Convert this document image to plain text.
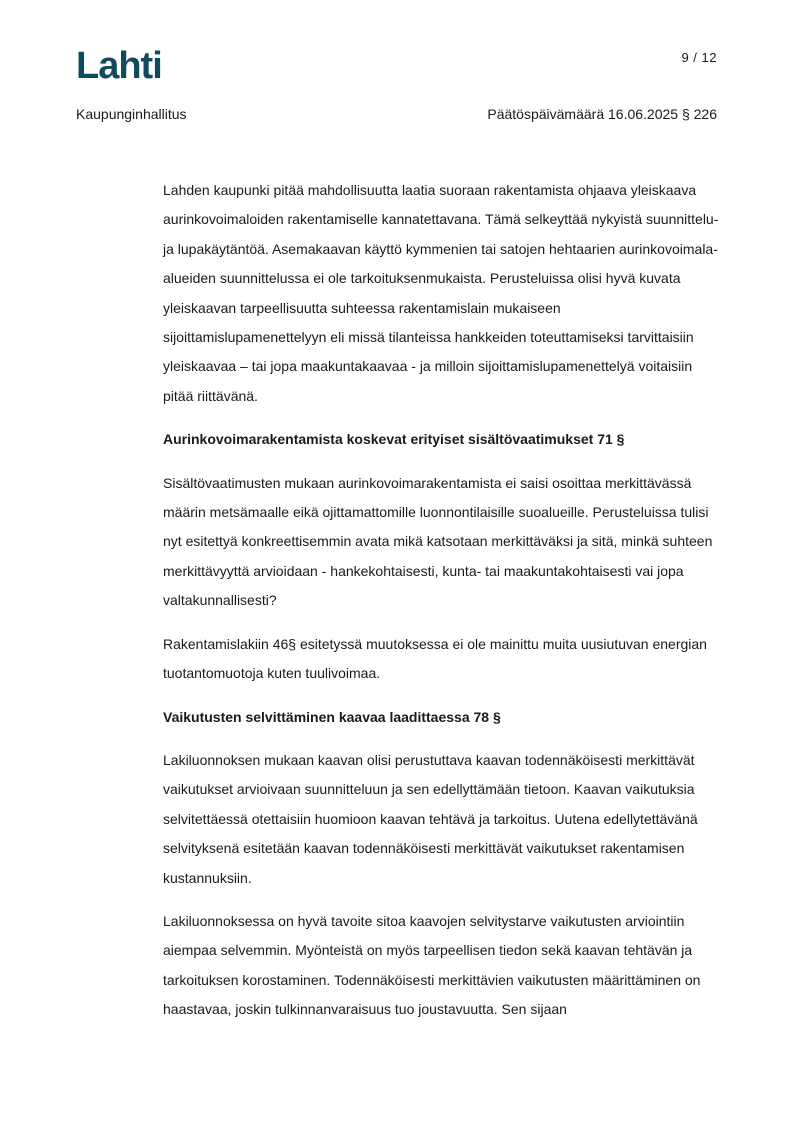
Lahti	9 / 12
Kaupunginhallitus	Päätöspäivämäärä 16.06.2025 § 226

Lahden kaupunki pitää mahdollisuutta laatia suoraan rakentamista ohjaava yleiskaava aurinkovoimaloiden rakentamiselle kannatettavana. Tämä selkeyttää nykyistä suunnittelu- ja lupakäytäntöä. Asemakaavan käyttö kymmenien tai satojen hehtaarien aurinkovoimala-alueiden suunnittelussa ei ole tarkoituksenmukaista. Perusteluissa olisi hyvä kuvata yleiskaavan tarpeellisuutta suhteessa rakentamislain mukaiseen sijoittamislupamenettelyyn eli missä tilanteissa hankkeiden toteuttamiseksi tarvittaisiin yleiskaavaa – tai jopa maakuntakaavaa - ja milloin sijoittamislupamenettelyä voitaisiin pitää riittävänä.

Aurinkovoimarakentamista koskevat erityiset sisältövaatimukset 71 §

Sisältövaatimusten mukaan aurinkovoimarakentamista ei saisi osoittaa merkittävässä määrin metsämaalle eikä ojittamattomille luonnontilaisille suoalueille. Perusteluissa tulisi nyt esitettyä konkreettisemmin avata mikä katsotaan merkittäväksi ja sitä, minkä suhteen merkittävyyttä arvioidaan - hankekohtaisesti, kunta- tai maakuntakohtaisesti vai jopa valtakunnallisesti?

Rakentamislakiin 46§ esitetyssä muutoksessa ei ole mainittu muita uusiutuvan energian tuotantomuotoja kuten tuulivoimaa.

Vaikutusten selvittäminen kaavaa laadittaessa 78 §

Lakiluonnoksen mukaan kaavan olisi perustuttava kaavan todennäköisesti merkittävät vaikutukset arvioivaan suunnitteluun ja sen edellyttämään tietoon. Kaavan vaikutuksia selvitettäessä otettaisiin huomioon kaavan tehtävä ja tarkoitus. Uutena edellytettävänä selvityksenä esitetään kaavan todennäköisesti merkittävät vaikutukset rakentamisen kustannuksiin.

Lakiluonnoksessa on hyvä tavoite sitoa kaavojen selvitystarve vaikutusten arviointiin aiempaa selvemmin. Myönteistä on myös tarpeellisen tiedon sekä kaavan tehtävän ja tarkoituksen korostaminen. Todennäköisesti merkittävien vaikutusten määrittäminen on haastavaa, joskin tulkinnanvaraisuus tuo joustavuutta. Sen sijaan
